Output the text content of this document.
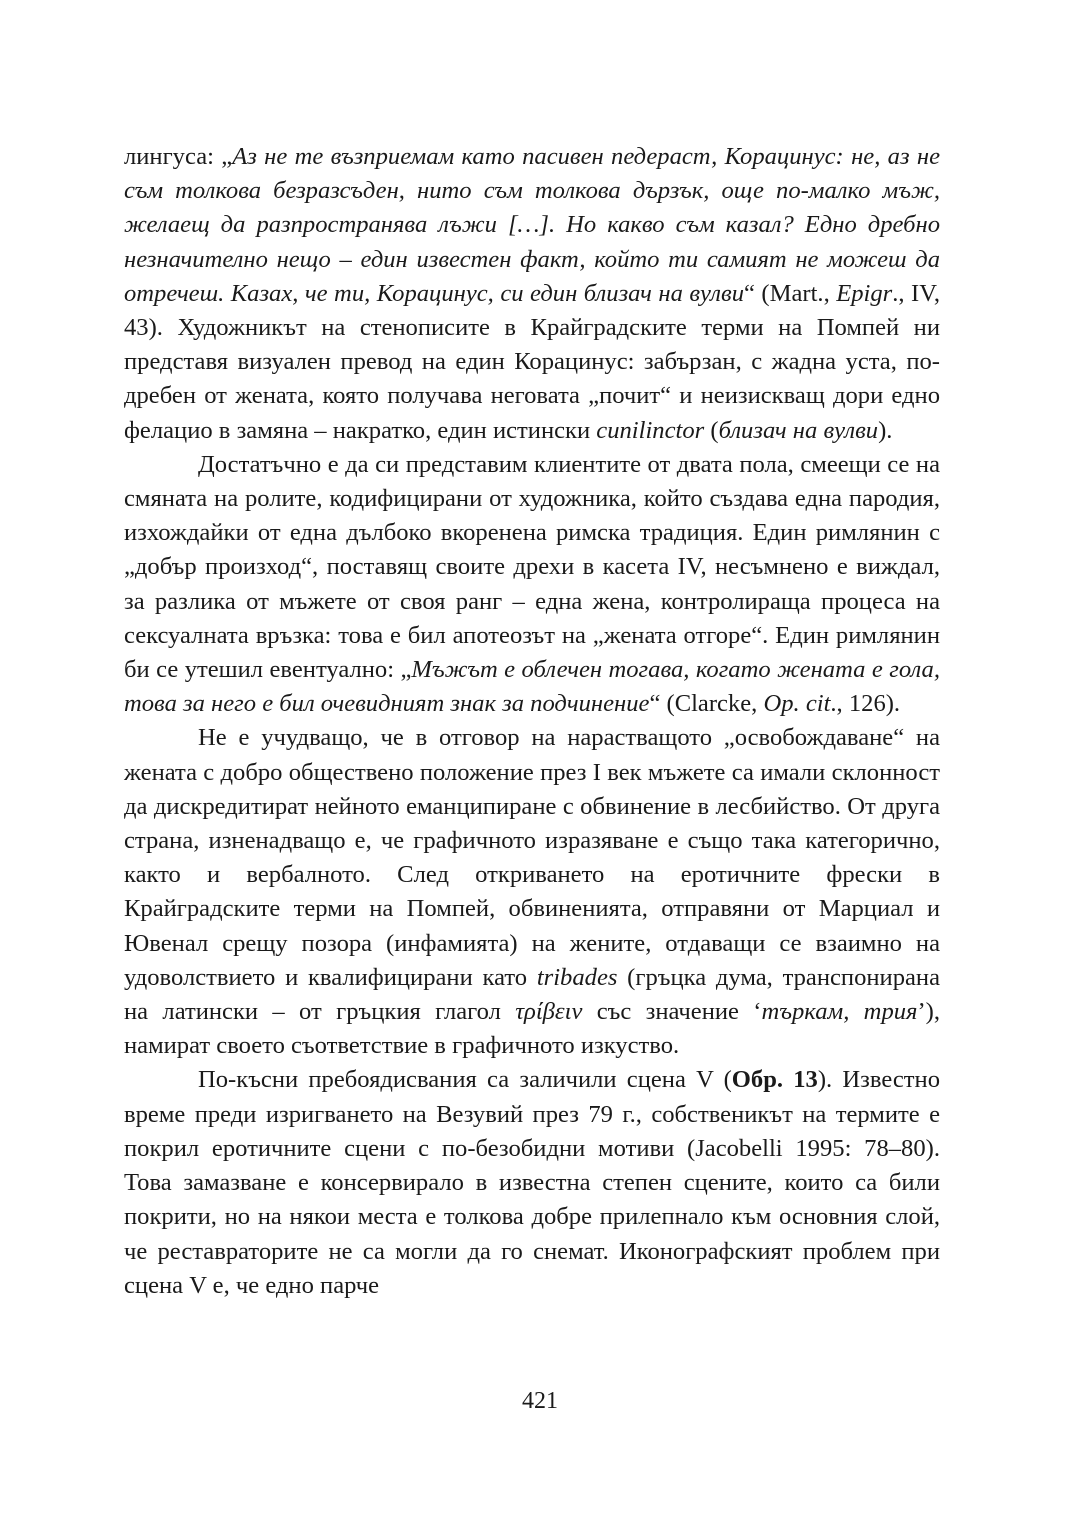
лингуса: „Аз не те възприемам като пасивен педераст, Корацинус: не, аз не съм толкова безразсъден, нито съм толкова дързък, още по-малко мъж, желаещ да разпространява лъжи […]. Но какво съм казал? Едно дребно незначително нещо – един известен факт, който ти самият не можеш да отречеш. Казах, че ти, Корацинус, си един близач на вулви“ (Mart., Epigr., IV, 43). Художникът на стенописите в Крайградските терми на Помпей ни представя визуален превод на един Корацинус: забързан, с жадна уста, по-дребен от жената, която получава неговата „почит“ и неизискващ дори едно фелацио в замяна – накратко, един истински cunilinctor (близач на вулви).

Достатъчно е да си представим клиентите от двата пола, смеещи се на смяната на ролите, кодифицирани от художника, който създава една пародия, изхождайки от една дълбоко вкоренена римска традиция. Един римлянин с „добър произход“, поставящ своите дрехи в касета IV, несъмнено е виждал, за разлика от мъжете от своя ранг – една жена, контролираща процеса на сексуалната връзка: това е бил апотеозът на „жената отгоре“. Един римлянин би се утешил евентуално: „Мъжът е облечен тогава, когато жената е гола, това за него е бил очевидният знак за подчинение“ (Clarcke, Op. cit., 126).

Не е учудващо, че в отговор на нарастващото „освобождаване“ на жената с добро обществено положение през I век мъжете са имали склонност да дискредитират нейното еманципиране с обвинение в лесбийство. От друга страна, изненадващо е, че графичното изразяване е също така категорично, както и вербалното. След откриването на еротичните фрески в Крайградските терми на Помпей, обвиненията, отправяни от Марциал и Ювенал срещу позора (инфамията) на жените, отдаващи се взаимно на удоволствието и квалифицирани като tribades (гръцка дума, транспонирана на латински – от гръцкия глагол τρίβειν със значение ‘търкам, трия’), намират своето съответствие в графичното изкуство.

По-късни пребоядисвания са заличили сцена V (Обр. 13). Известно време преди изригването на Везувий през 79 г., собственикът на термите е покрил еротичните сцени с по-безобидни мотиви (Jacobelli 1995: 78–80). Това замазване е консервирало в известна степен сцените, които са били покрити, но на някои места е толкова добре прилепнало към основния слой, че реставраторите не са могли да го снемат. Иконографският проблем при сцена V е, че едно парче

421
